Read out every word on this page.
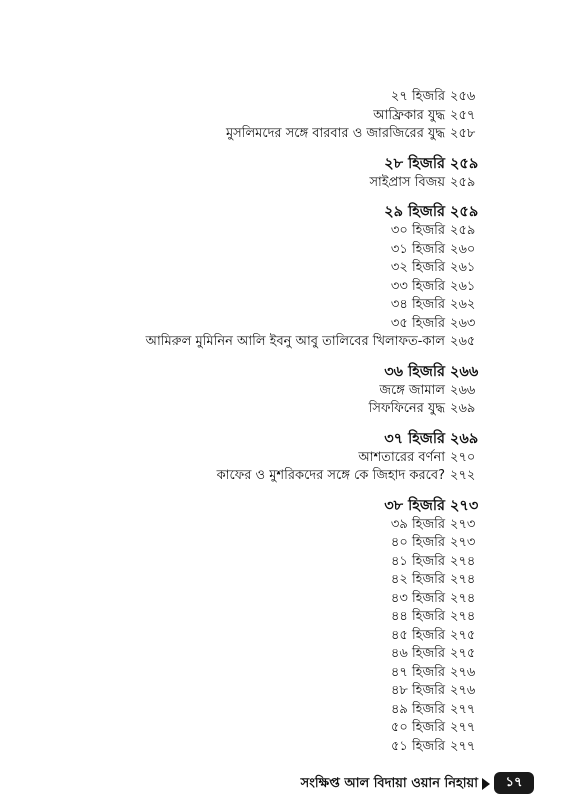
২৭ হিজরি ২৫৬
আফ্রিকার যুদ্ধ ২৫৭
মুসলিমদের সঙ্গে বারবার ও জারজিরের যুদ্ধ ২৫৮
২৮ হিজরি ২৫৯
সাইপ্রাস বিজয় ২৫৯
২৯ হিজরি ২৫৯
৩০ হিজরি ২৫৯
৩১ হিজরি ২৬০
৩২ হিজরি ২৬১
৩৩ হিজরি ২৬১
৩৪ হিজরি ২৬২
৩৫ হিজরি ২৬৩
আমিরুল মুমিনিন আলি ইবনু আবু তালিবের খিলাফত-কাল ২৬৫
৩৬ হিজরি ২৬৬
জঙ্গে জামাল ২৬৬
সিফফিনের যুদ্ধ ২৬৯
৩৭ হিজরি ২৬৯
আশতারের বর্ণনা ২৭০
কাফের ও মুশরিকদের সঙ্গে কে জিহাদ করবে? ২৭২
৩৮ হিজরি ২৭৩
৩৯ হিজরি ২৭৩
৪০ হিজরি ২৭৩
৪১ হিজরি ২৭৪
৪২ হিজরি ২৭৪
৪৩ হিজরি ২৭৪
৪৪ হিজরি ২৭৪
৪৫ হিজরি ২৭৫
৪৬ হিজরি ২৭৫
৪৭ হিজরি ২৭৬
৪৮ হিজরি ২৭৬
৪৯ হিজরি ২৭৭
৫০ হিজরি ২৭৭
৫১ হিজরি ২৭৭
সংক্ষিপ্ত আল বিদায়া ওয়ান নিহায়া	১৭
